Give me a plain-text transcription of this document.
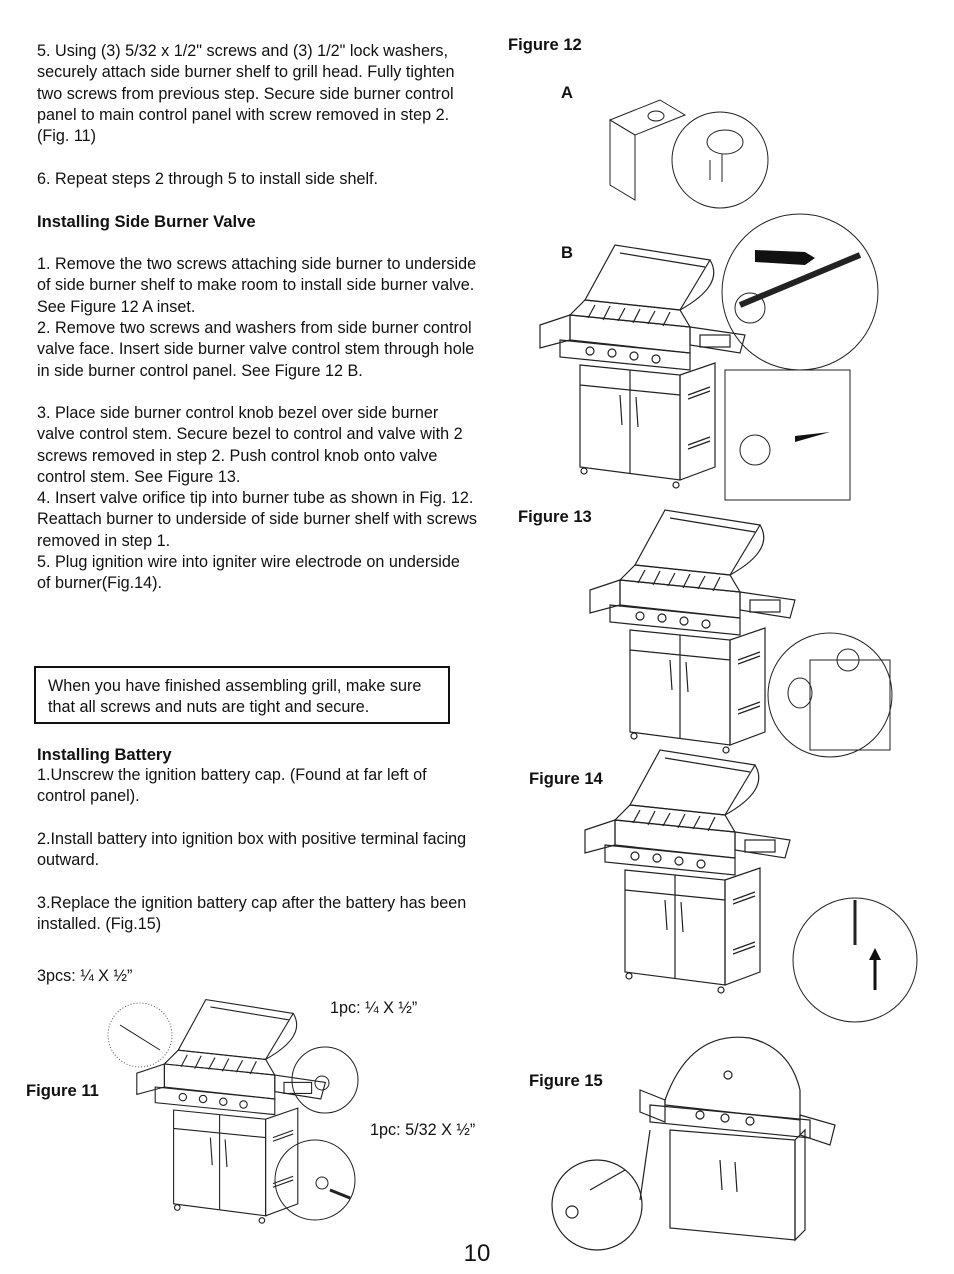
5. Using (3) 5/32 x 1/2" screws and (3) 1/2" lock washers, securely attach side burner shelf to grill head. Fully tighten two screws from previous step. Secure side burner control panel to main control panel with screw removed in step 2. (Fig. 11)

6. Repeat steps 2 through 5 to install side shelf.

Installing Side Burner Valve

1. Remove the two screws attaching side burner to underside of side burner shelf to make room to install side burner valve. See Figure 12 A inset.

2. Remove two screws and washers from side burner control valve face. Insert side burner valve control stem through hole in side burner control panel. See Figure 12 B.

3. Place side burner control knob bezel over side burner valve control stem. Secure bezel to control and valve with 2 screws removed in step 2. Push control knob onto valve control stem. See Figure 13.

4. Insert valve orifice tip into burner tube as shown in Fig. 12. Reattach burner to underside of side burner shelf with screws removed in step 1.

5. Plug ignition wire into igniter wire electrode on underside of burner(Fig.14).

When you have finished assembling grill, make sure that all screws and nuts are tight and secure.

Installing Battery

1.Unscrew the ignition battery cap. (Found at far left of control panel).

2.Install battery into ignition box with positive terminal facing outward.

3.Replace the ignition battery cap after the battery has been installed. (Fig.15)

3pcs: ¼ X ½”

1pc: ¼ X ½”

1pc: 5/32 X ½”

Figure 11

Figure 12

A

B

Figure 13

Figure 14

Figure 15

10
